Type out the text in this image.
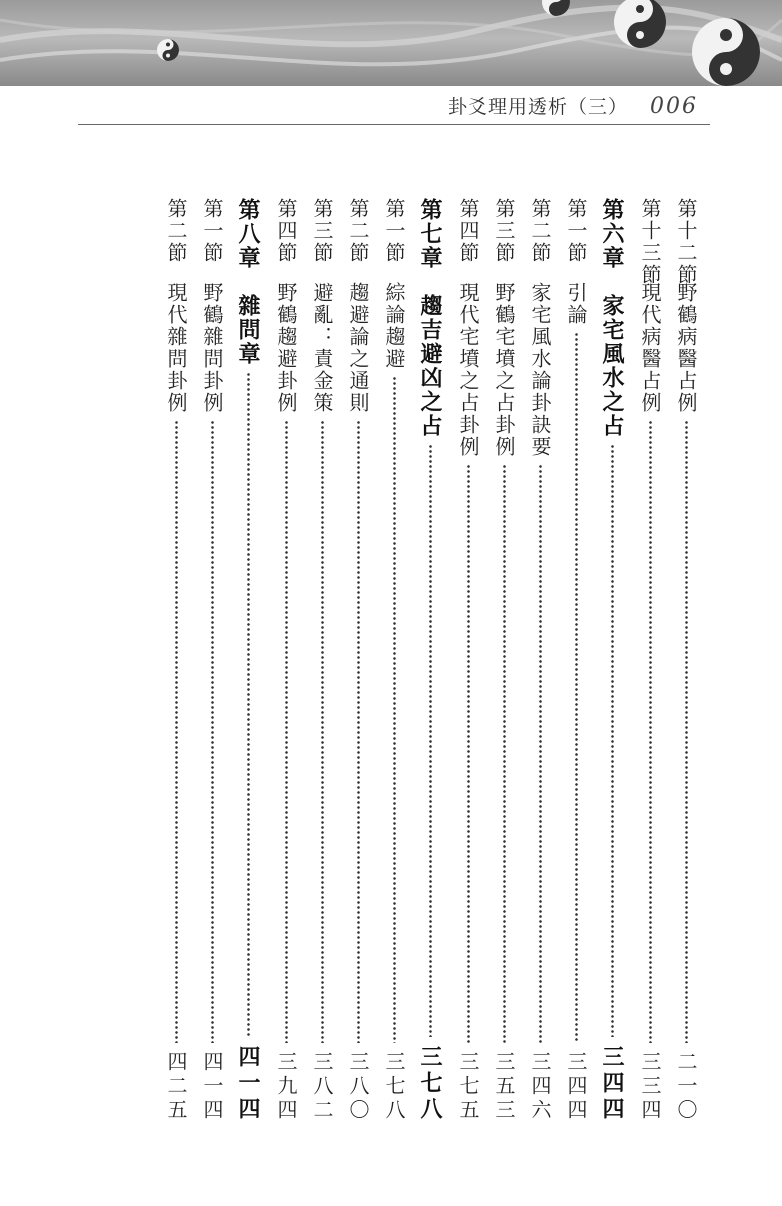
卦爻理用透析（三） 006
第十二節
野鶴病醫占例
二一〇
第十三節
現代病醫占例
三三四
第六章
家宅風水之占
三四四
第一節
引論
三四四
第二節
家宅風水論卦訣要
三四六
第三節
野鶴宅墳之占卦例
三五三
第四節
現代宅墳之占卦例
三七五
第七章
趨吉避凶之占
三七八
第一節
綜論趨避
三七八
第二節
趨避論之通則
三八〇
第三節
避亂：責金策
三八二
第四節
野鶴趨避卦例
三九四
第八章
雜問章
四一四
第一節
野鶴雜問卦例
四一四
第二節
現代雜問卦例
四二五
